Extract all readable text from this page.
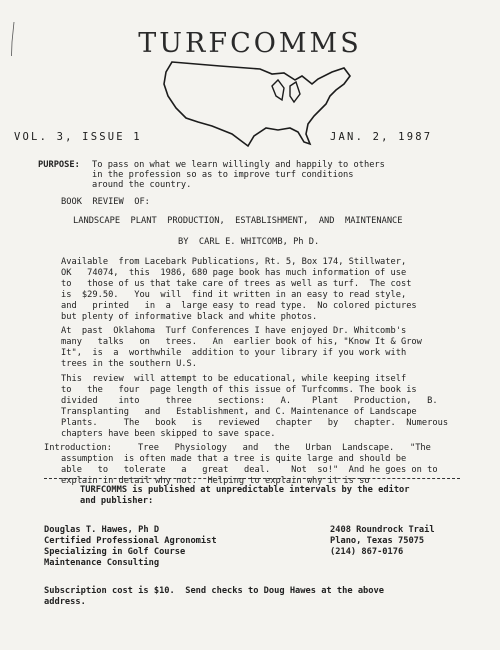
TURFCOMMS
VOL. 3, ISSUE 1	JAN. 2, 1987
PURPOSE: To pass on what we learn willingly and happily to others
in the profession so as to improve turf conditions
around the country.
BOOK  REVIEW  OF:
LANDSCAPE  PLANT  PRODUCTION,  ESTABLISHMENT,  AND  MAINTENANCE
BY  CARL E. WHITCOMB, Ph D.
Available  from Lacebark Publications, Rt. 5, Box 174, Stillwater,
OK   74074,  this  1986, 680 page book has much information of use
to   those of us that take care of trees as well as turf.  The cost
is  $29.50.   You  will  find it written in an easy to read style,
and   printed   in  a  large easy to read type.  No colored pictures
but plenty of informative black and white photos.
At  past  Oklahoma  Turf Conferences I have enjoyed Dr. Whitcomb's
many   talks   on   trees.   An  earlier book of his, "Know It & Grow
It",  is  a  worthwhile  addition to your library if you work with
trees in the southern U.S.
This  review  will attempt to be educational, while keeping itself
to   the   four  page length of this issue of Turfcomms. The book is
divided    into     three     sections:   A.    Plant   Production,   B.
Transplanting   and   Establishment, and C. Maintenance of Landscape
Plants.     The   book   is   reviewed   chapter   by   chapter.  Numerous
chapters have been skipped to save space.
Introduction:	Tree   Physiology   and   the   Urban  Landscape.   "The
assumption  is often made that a tree is quite large and should be
able   to   tolerate   a   great   deal.    Not  so!"  And he goes on to
explain in detail why not.  Helping to explain why it is so
TURFCOMMS is published at unpredictable intervals by the editor
and publisher:
Douglas T. Hawes, Ph D
Certified Professional Agronomist
Specializing in Golf Course
Maintenance Consulting
2408 Roundrock Trail
Plano, Texas 75075
(214) 867-0176
Subscription cost is $10.  Send checks to Doug Hawes at the above
address.
